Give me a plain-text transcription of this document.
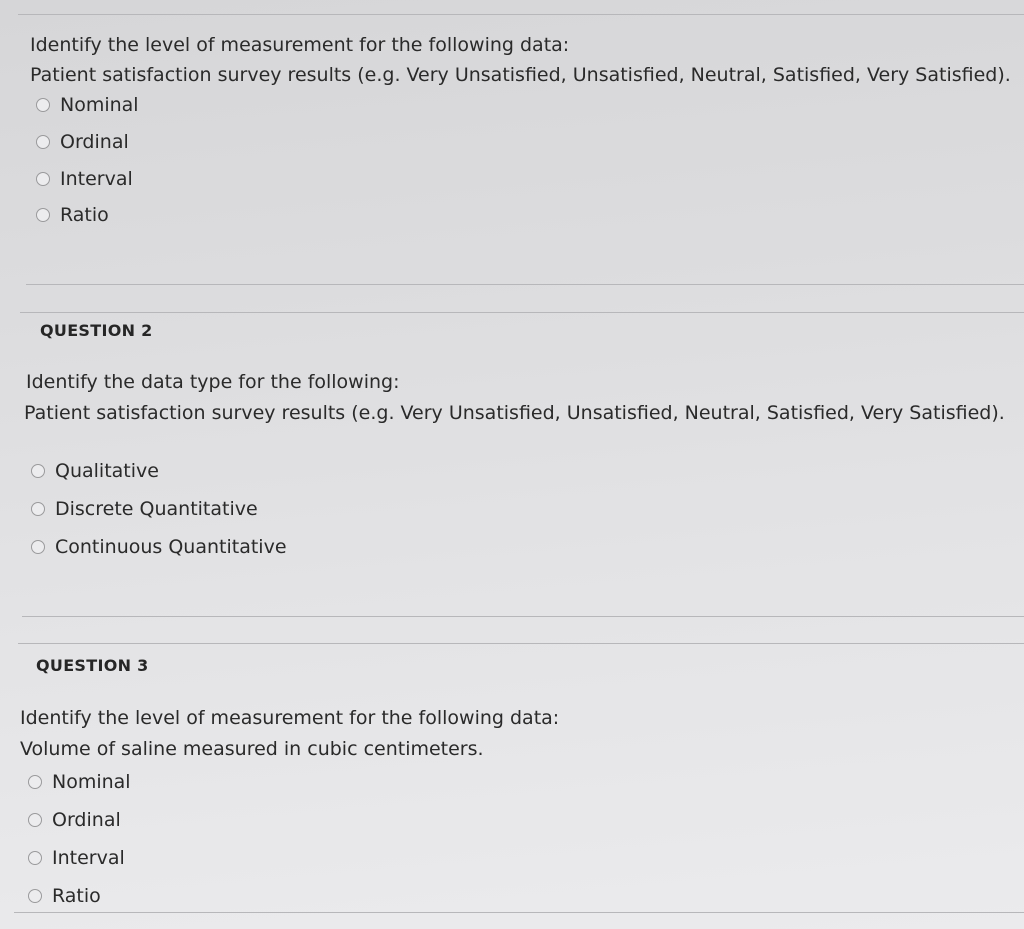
Identify the level of measurement for the following data:
Patient satisfaction survey results (e.g. Very Unsatisfied, Unsatisfied, Neutral, Satisfied, Very Satisfied).
Nominal
Ordinal
Interval
Ratio
QUESTION 2
Identify the data type for the following:
Patient satisfaction survey results (e.g. Very Unsatisfied, Unsatisfied, Neutral, Satisfied, Very Satisfied).
Qualitative
Discrete Quantitative
Continuous Quantitative
QUESTION 3
Identify the level of measurement for the following data:
Volume of saline measured in cubic centimeters.
Nominal
Ordinal
Interval
Ratio
